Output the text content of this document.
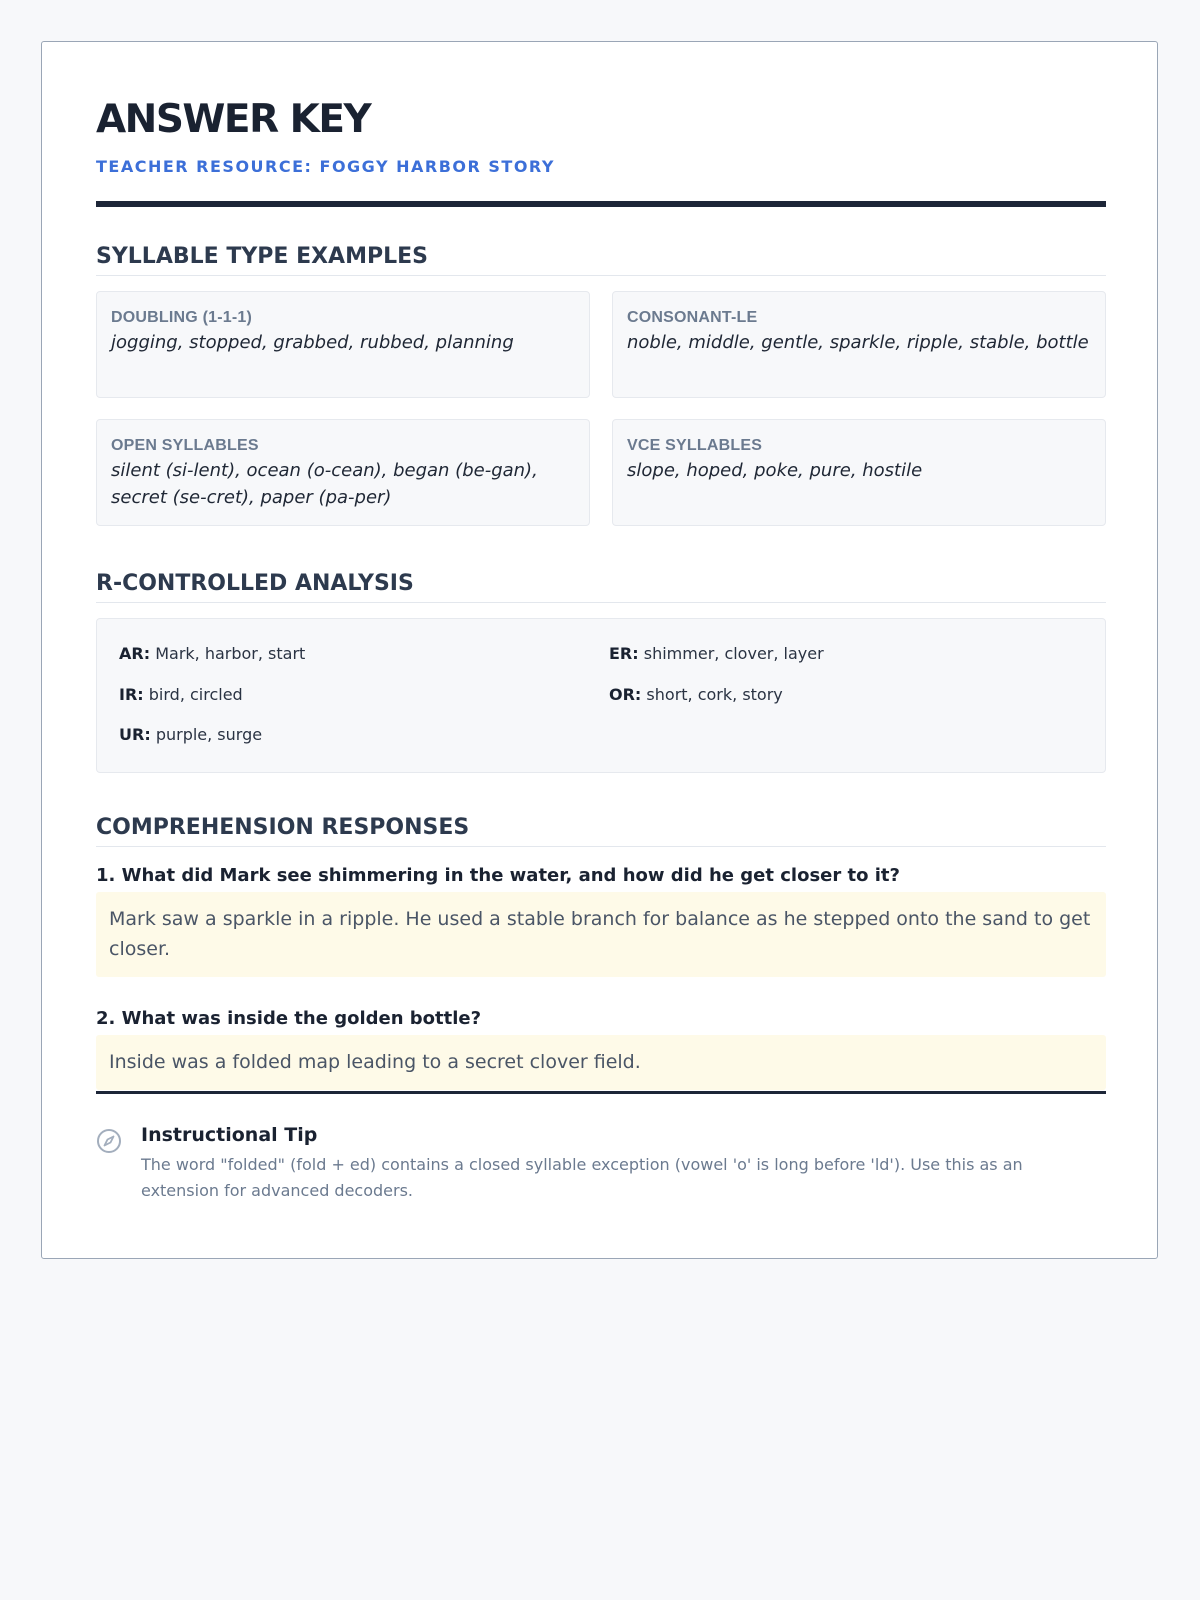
ANSWER KEY
TEACHER RESOURCE: FOGGY HARBOR STORY
SYLLABLE TYPE EXAMPLES
DOUBLING (1-1-1)
jogging, stopped, grabbed, rubbed, planning
CONSONANT-LE
noble, middle, gentle, sparkle, ripple, stable, bottle
OPEN SYLLABLES
silent (si-lent), ocean (o-cean), began (be-gan), secret (se-cret), paper (pa-per)
VCE SYLLABLES
slope, hoped, poke, pure, hostile
R-CONTROLLED ANALYSIS
AR: Mark, harbor, start	ER: shimmer, clover, layer
IR: bird, circled	OR: short, cork, story
UR: purple, surge
COMPREHENSION RESPONSES
1. What did Mark see shimmering in the water, and how did he get closer to it?
Mark saw a sparkle in a ripple. He used a stable branch for balance as he stepped onto the sand to get closer.
2. What was inside the golden bottle?
Inside was a folded map leading to a secret clover field.
Instructional Tip
The word "folded" (fold + ed) contains a closed syllable exception (vowel 'o' is long before 'ld'). Use this as an extension for advanced decoders.
